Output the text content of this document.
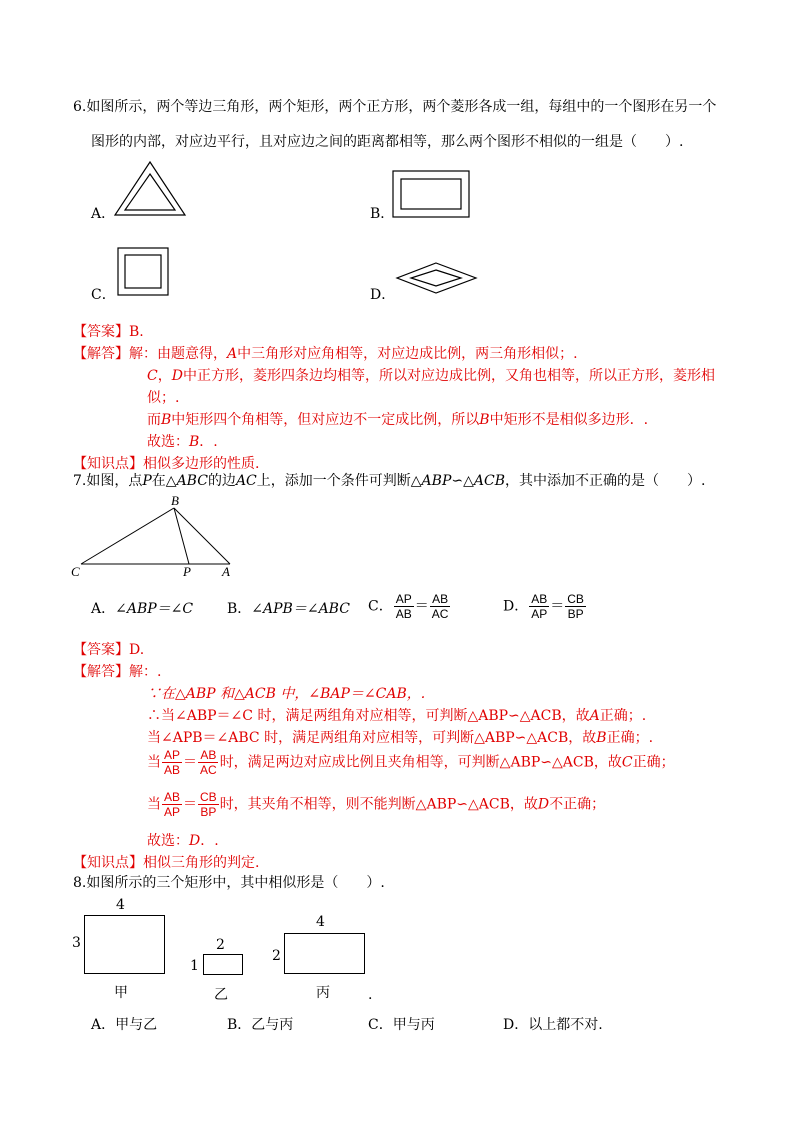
6.如图所示，两个等边三角形，两个矩形，两个正方形，两个菱形各成一组，每组中的一个图形在另一个
图形的内部，对应边平行，且对应边之间的距离都相等，那么两个图形不相似的一组是（　　）.
A．	B．
C．	D．
【答案】B.
【解答】解：由题意得，A中三角形对应角相等，对应边成比例，两三角形相似；.
C，D中正方形，菱形四条边均相等，所以对应边成比例，又角也相等，所以正方形，菱形相
似；.
而B中矩形四个角相等，但对应边不一定成比例，所以B中矩形不是相似多边形．.
故选：B．.
【知识点】相似多边形的性质.
7.如图，点P在△ABC的边AC上，添加一个条件可判断△ABP∽△ACB，其中添加不正确的是（　　）.
B
C	P A
A．∠ABP＝∠C B．∠APB＝∠ABC C． $\frac{AP}{AB} = \frac{AB}{AC}$	D． $\frac{AB}{AP} = \frac{CB}{BP}$
【答案】D.
【解答】解：.
∵在△ABP 和△ACB 中，∠BAP＝∠CAB，.
∴当∠ABP＝∠C 时，满足两组角对应相等，可判断△ABP∽△ACB，故A正确；.
当∠APB＝∠ABC 时，满足两组角对应相等，可判断△ABP∽△ACB，故B正确；.
当 $\frac{AP}{AB} = \frac{AB}{AC}$ 时，满足两边对应成比例且夹角相等，可判断△ABP∽△ACB，故C正确；
当 $\frac{AB}{AP} = \frac{CB}{BP}$ 时，其夹角不相等，则不能判断△ABP∽△ACB，故D不正确；
故选：D．.
【知识点】相似三角形的判定.
8.如图所示的三个矩形中，其中相似形是（　　）.
4
3
甲
2
1
乙
4
2
丙	.
A．甲与乙	B．乙与丙	C．甲与丙	D．以上都不对.
